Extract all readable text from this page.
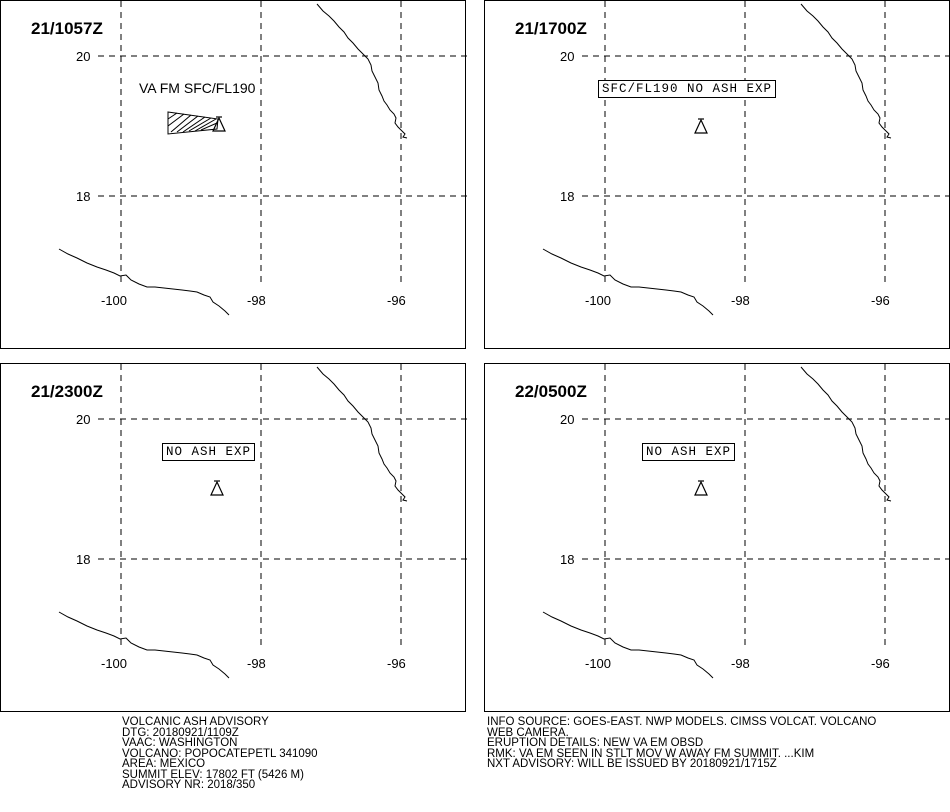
20
18
-100	-98	-96
21/1057Z
VA FM SFC/FL190
20
18
-100	-98	-96
21/1700Z
SFC/FL190 NO ASH EXP
20
18
-100	-98	-96
21/2300Z
NO ASH EXP
20
18
-100	-98	-96
22/0500Z
NO ASH EXP
VOLCANIC ASH ADVISORY
DTG: 20180921/1109Z
VAAC: WASHINGTON
VOLCANO: POPOCATEPETL 341090
AREA: MEXICO
SUMMIT ELEV: 17802 FT (5426 M)
ADVISORY NR: 2018/350
INFO SOURCE: GOES-EAST. NWP MODELS. CIMSS VOLCAT. VOLCANO
WEB CAMERA.
ERUPTION DETAILS: NEW VA EM OBSD
RMK: VA EM SEEN IN STLT MOV W AWAY FM SUMMIT. ...KIM
NXT ADVISORY: WILL BE ISSUED BY 20180921/1715Z
